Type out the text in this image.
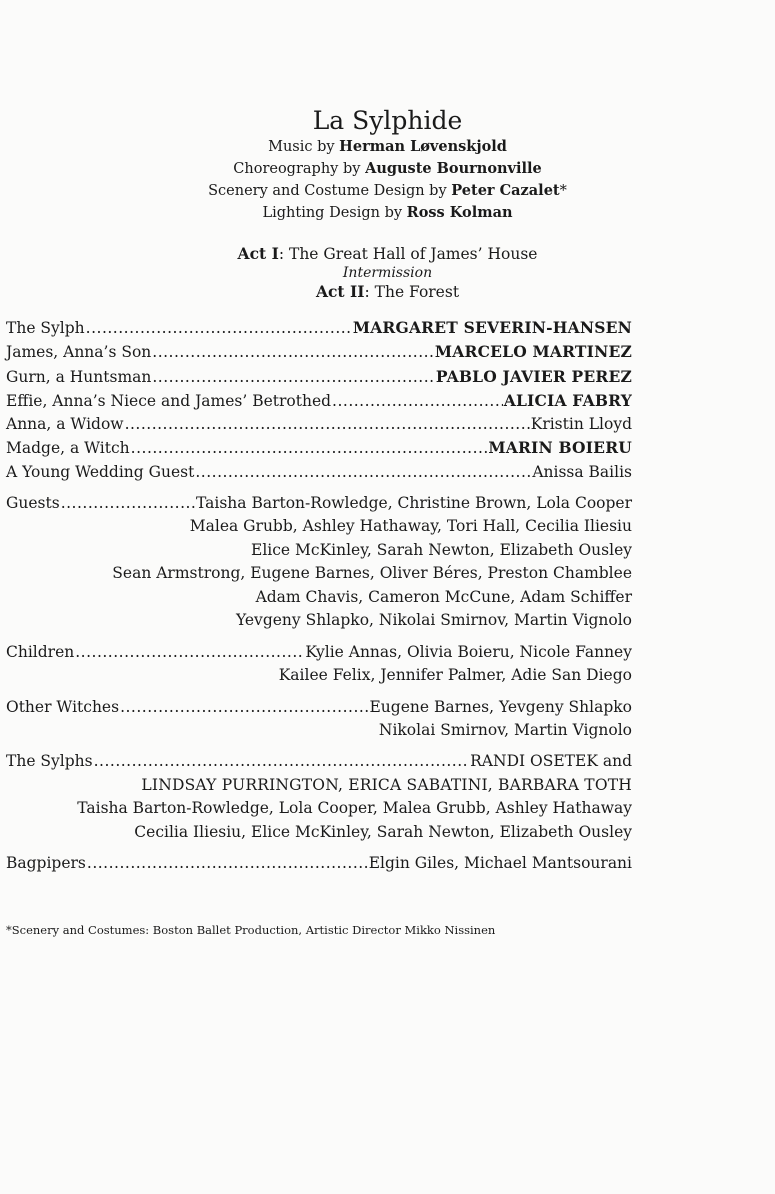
La Sylphide
Music by Herman Løvenskjold
Choreography by Auguste Bournonville
Scenery and Costume Design by Peter Cazalet*
Lighting Design by Ross Kolman
Act I: The Great Hall of James’ House
Intermission
Act II: The Forest
The Sylph .....	MARGARET SEVERIN-HANSEN
James, Anna’s Son .....	MARCELO MARTINEZ
Gurn, a Huntsman .....	PABLO JAVIER PEREZ
Effie, Anna’s Niece and James’ Betrothed .....	ALICIA FABRY
Anna, a Widow .....	Kristin Lloyd
Madge, a Witch .....	MARIN BOIERU
A Young Wedding Guest .....	Anissa Bailis
Guests .....	Taisha Barton-Rowledge, Christine Brown, Lola Cooper
Malea Grubb, Ashley Hathaway, Tori Hall, Cecilia Iliesiu
Elice McKinley, Sarah Newton, Elizabeth Ousley
Sean Armstrong, Eugene Barnes, Oliver Béres, Preston Chamblee
Adam Chavis, Cameron McCune, Adam Schiffer
Yevgeny Shlapko, Nikolai Smirnov, Martin Vignolo
Children .....	Kylie Annas, Olivia Boieru, Nicole Fanney
Kailee Felix, Jennifer Palmer, Adie San Diego
Other Witches .....	Eugene Barnes, Yevgeny Shlapko
Nikolai Smirnov, Martin Vignolo
The Sylphs .....	RANDI OSETEK and
LINDSAY PURRINGTON, ERICA SABATINI, BARBARA TOTH
Taisha Barton-Rowledge, Lola Cooper, Malea Grubb, Ashley Hathaway
Cecilia Iliesiu, Elice McKinley, Sarah Newton, Elizabeth Ousley
Bagpipers .....	Elgin Giles, Michael Mantsourani
*Scenery and Costumes: Boston Ballet Production, Artistic Director Mikko Nissinen
